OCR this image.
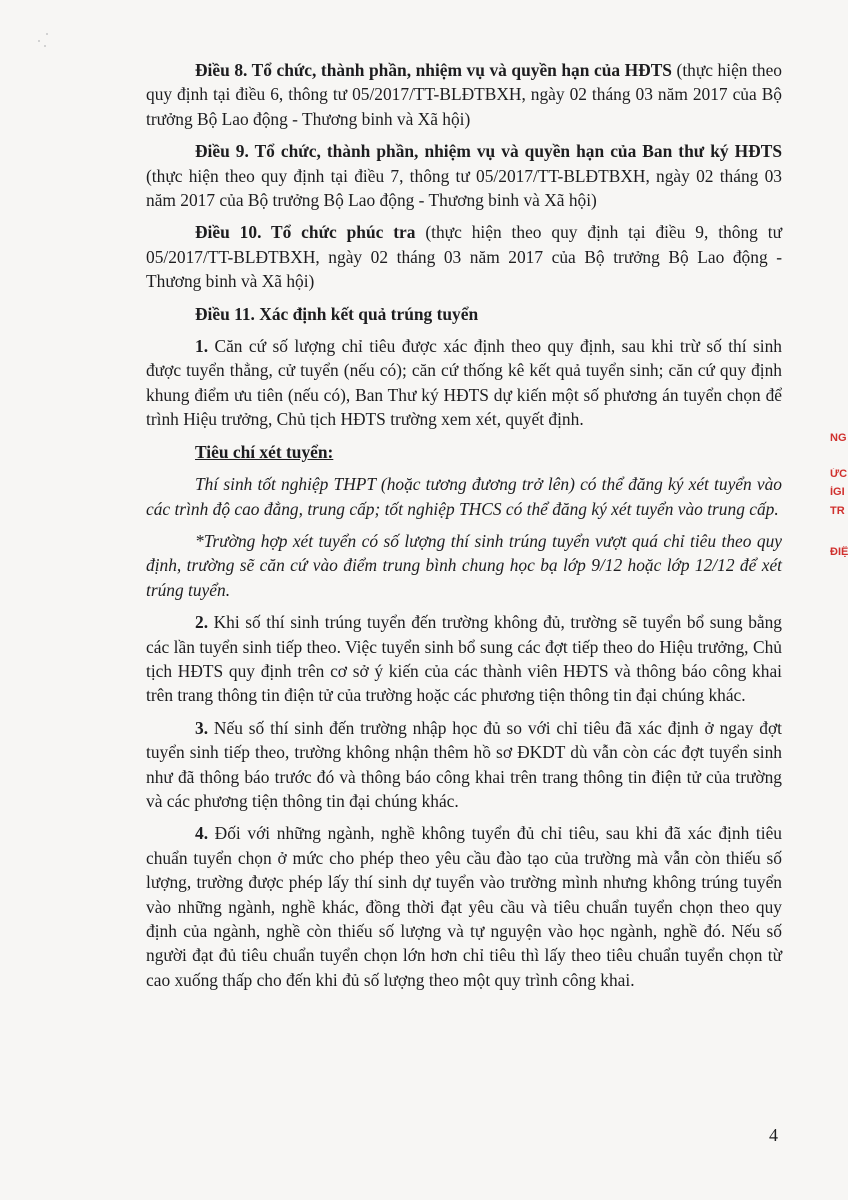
Điều 8. Tổ chức, thành phần, nhiệm vụ và quyền hạn của HĐTS (thực hiện theo quy định tại điều 6, thông tư 05/2017/TT-BLĐTBXH, ngày 02 tháng 03 năm 2017 của Bộ trưởng Bộ Lao động - Thương binh và Xã hội)

Điều 9. Tổ chức, thành phần, nhiệm vụ và quyền hạn của Ban thư ký HĐTS (thực hiện theo quy định tại điều 7, thông tư 05/2017/TT-BLĐTBXH, ngày 02 tháng 03 năm 2017 của Bộ trưởng Bộ Lao động - Thương binh và Xã hội)

Điều 10. Tổ chức phúc tra (thực hiện theo quy định tại điều 9, thông tư 05/2017/TT-BLĐTBXH, ngày 02 tháng 03 năm 2017 của Bộ trưởng Bộ Lao động - Thương binh và Xã hội)

Điều 11. Xác định kết quả trúng tuyển

1. Căn cứ số lượng chỉ tiêu được xác định theo quy định, sau khi trừ số thí sinh được tuyển thẳng, cử tuyển (nếu có); căn cứ thống kê kết quả tuyển sinh; căn cứ quy định khung điểm ưu tiên (nếu có), Ban Thư ký HĐTS dự kiến một số phương án tuyển chọn để trình Hiệu trưởng, Chủ tịch HĐTS trường xem xét, quyết định.

Tiêu chí xét tuyển:

Thí sinh tốt nghiệp THPT (hoặc tương đương trở lên) có thể đăng ký xét tuyển vào các trình độ cao đẳng, trung cấp; tốt nghiệp THCS có thể đăng ký xét tuyển vào trung cấp.

*Trường hợp xét tuyển có số lượng thí sinh trúng tuyển vượt quá chỉ tiêu theo quy định, trường sẽ căn cứ vào điểm trung bình chung học bạ lớp 9/12 hoặc lớp 12/12 để xét trúng tuyển.

2. Khi số thí sinh trúng tuyển đến trường không đủ, trường sẽ tuyển bổ sung bằng các lần tuyển sinh tiếp theo. Việc tuyển sinh bổ sung các đợt tiếp theo do Hiệu trưởng, Chủ tịch HĐTS quy định trên cơ sở ý kiến của các thành viên HĐTS và thông báo công khai trên trang thông tin điện tử của trường hoặc các phương tiện thông tin đại chúng khác.

3. Nếu số thí sinh đến trường nhập học đủ so với chỉ tiêu đã xác định ở ngay đợt tuyển sinh tiếp theo, trường không nhận thêm hồ sơ ĐKDT dù vẫn còn các đợt tuyển sinh như đã thông báo trước đó và thông báo công khai trên trang thông tin điện tử của trường và các phương tiện thông tin đại chúng khác.

4. Đối với những ngành, nghề không tuyển đủ chỉ tiêu, sau khi đã xác định tiêu chuẩn tuyển chọn ở mức cho phép theo yêu cầu đào tạo của trường mà vẫn còn thiếu số lượng, trường được phép lấy thí sinh dự tuyển vào trường mình nhưng không trúng tuyển vào những ngành, nghề khác, đồng thời đạt yêu cầu và tiêu chuẩn tuyển chọn theo quy định của ngành, nghề còn thiếu số lượng và tự nguyện vào học ngành, nghề đó. Nếu số người đạt đủ tiêu chuẩn tuyển chọn lớn hơn chỉ tiêu thì lấy theo tiêu chuẩn tuyển chọn từ cao xuống thấp cho đến khi đủ số lượng theo một quy trình công khai.

4
NG
ỨC
ÌGI
TR
ĐIỆ
